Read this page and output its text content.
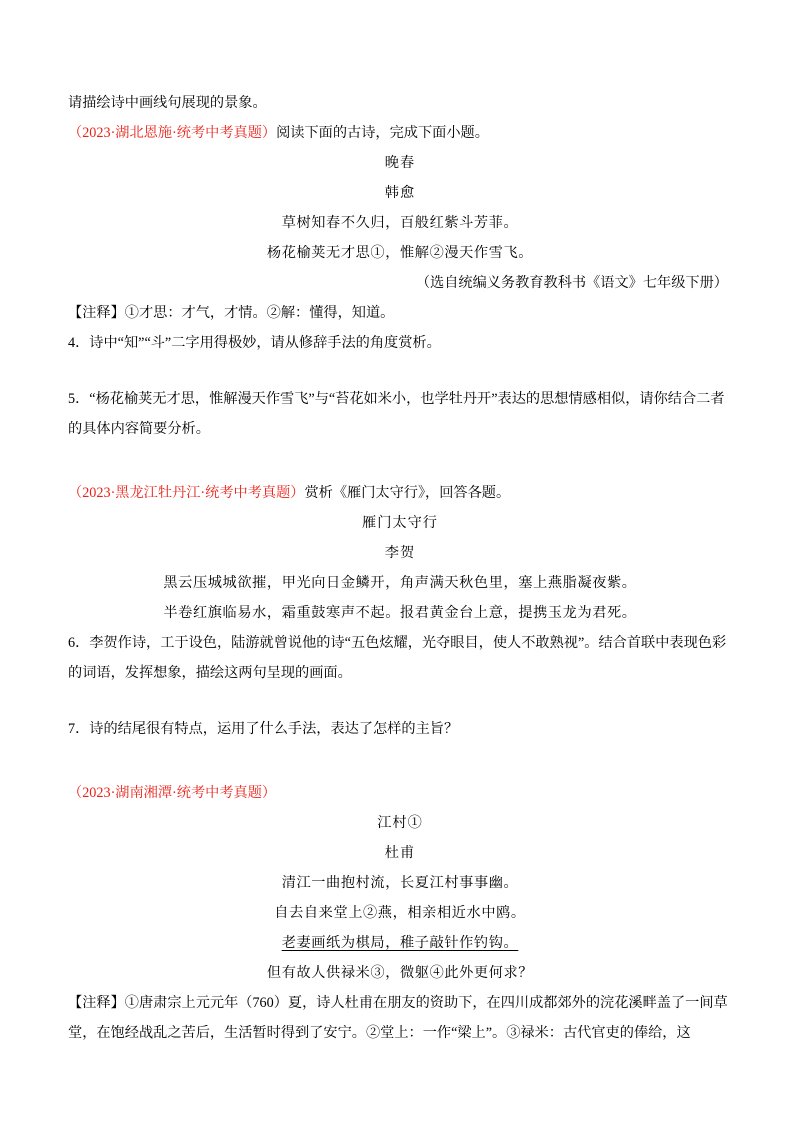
请描绘诗中画线句展现的景象。

（2023·湖北恩施·统考中考真题）阅读下面的古诗，完成下面小题。

晚春

韩愈

草树知春不久归，百般红紫斗芳菲。

杨花榆荚无才思①，惟解②漫天作雪飞。

（选自统编义务教育教科书《语文》七年级下册）

【注释】①才思：才气，才情。②解：懂得，知道。

4．诗中“知”“斗”二字用得极妙，请从修辞手法的角度赏析。

5．“杨花榆荚无才思，惟解漫天作雪飞”与“苔花如米小，也学牡丹开”表达的思想情感相似，请你结合二者的具体内容简要分析。

（2023·黑龙江牡丹江·统考中考真题）赏析《雁门太守行》，回答各题。

雁门太守行

李贺

黑云压城城欲摧，甲光向日金鳞开，角声满天秋色里，塞上燕脂凝夜紫。

半卷红旗临易水，霜重鼓寒声不起。报君黄金台上意，提携玉龙为君死。

6．李贺作诗，工于设色，陆游就曾说他的诗“五色炫耀，光夺眼目，使人不敢熟视”。结合首联中表现色彩的词语，发挥想象，描绘这两句呈现的画面。

7．诗的结尾很有特点，运用了什么手法，表达了怎样的主旨？

（2023·湖南湘潭·统考中考真题）

江村①

杜甫

清江一曲抱村流，长夏江村事事幽。

自去自来堂上②燕，相亲相近水中鸥。

老妻画纸为棋局，稚子敲针作钓钩。

但有故人供禄米③，微躯④此外更何求？

【注释】①唐肃宗上元元年（760）夏，诗人杜甫在朋友的资助下，在四川成都郊外的浣花溪畔盖了一间草堂，在饱经战乱之苦后，生活暂时得到了安宁。②堂上：一作“梁上”。③禄米：古代官吏的俸给，这
